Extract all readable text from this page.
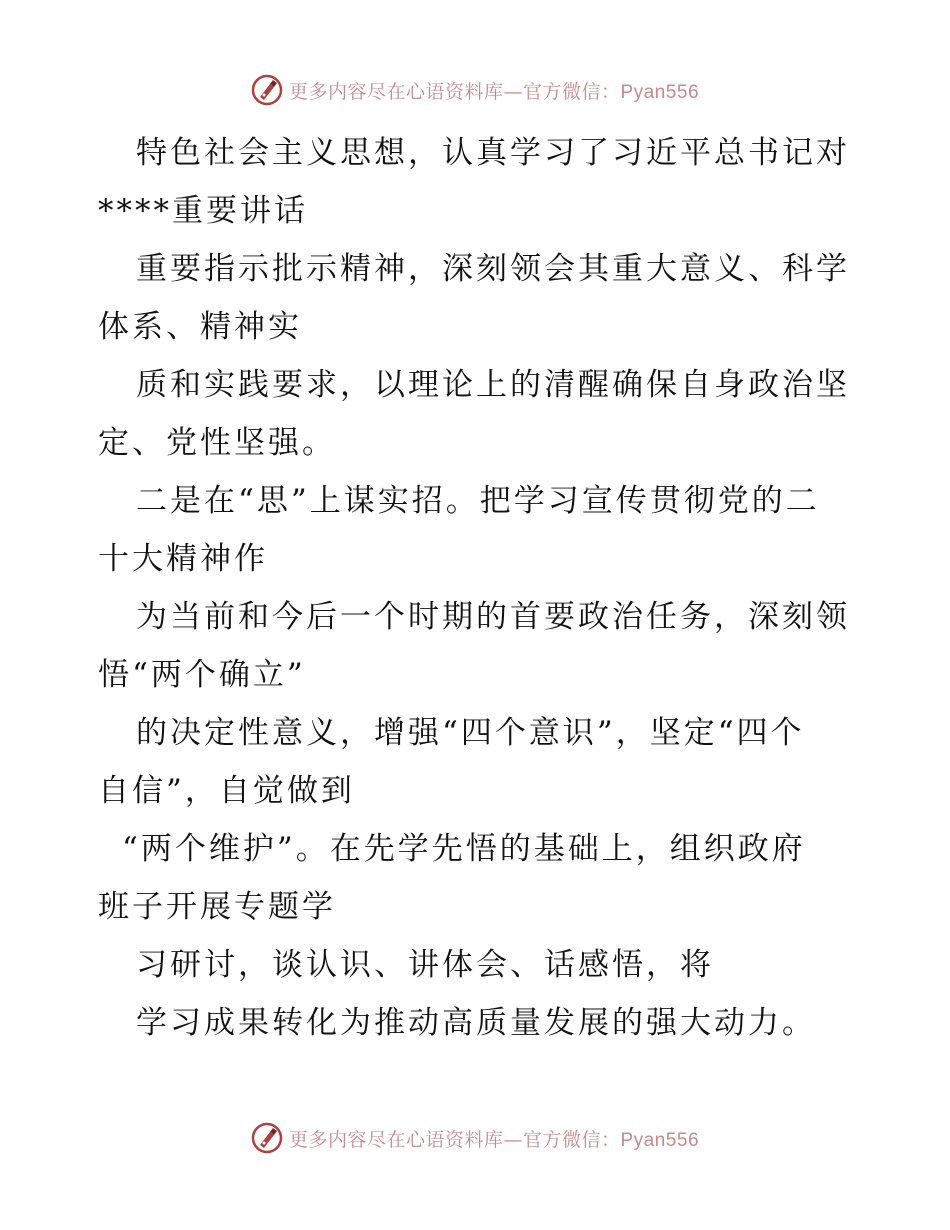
更多内容尽在心语资料库—官方微信：Pyan556
特色社会主义思想，认真学习了习近平总书记对
****重要讲话
重要指示批示精神，深刻领会其重大意义、科学
体系、精神实
质和实践要求，以理论上的清醒确保自身政治坚
定、党性坚强。
二是在“思”上谋实招。把学习宣传贯彻党的二
十大精神作
为当前和今后一个时期的首要政治任务，深刻领
悟“两个确立”
的决定性意义，增强“四个意识”，坚定“四个
自信”，自觉做到
“两个维护”。在先学先悟的基础上，组织政府
班子开展专题学
习研讨，谈认识、讲体会、话感悟，将
学习成果转化为推动高质量发展的强大动力。
更多内容尽在心语资料库—官方微信：Pyan556
